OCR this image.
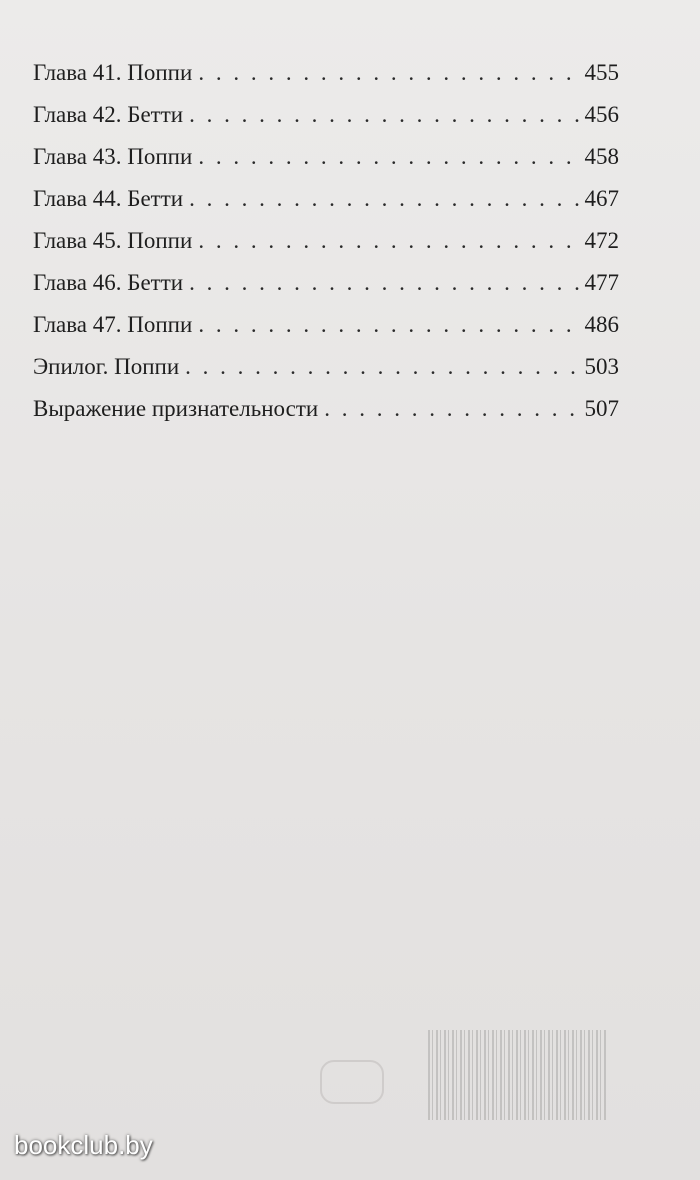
Глава 41. Поппи . . .	455
Глава 42. Бетти . . .	456
Глава 43. Поппи . . .	458
Глава 44. Бетти . . .	467
Глава 45. Поппи . . .	472
Глава 46. Бетти . . .	477
Глава 47. Поппи . . .	486
Эпилог. Поппи . . .	503
Выражение признательности . . .	507

bookclub.by
